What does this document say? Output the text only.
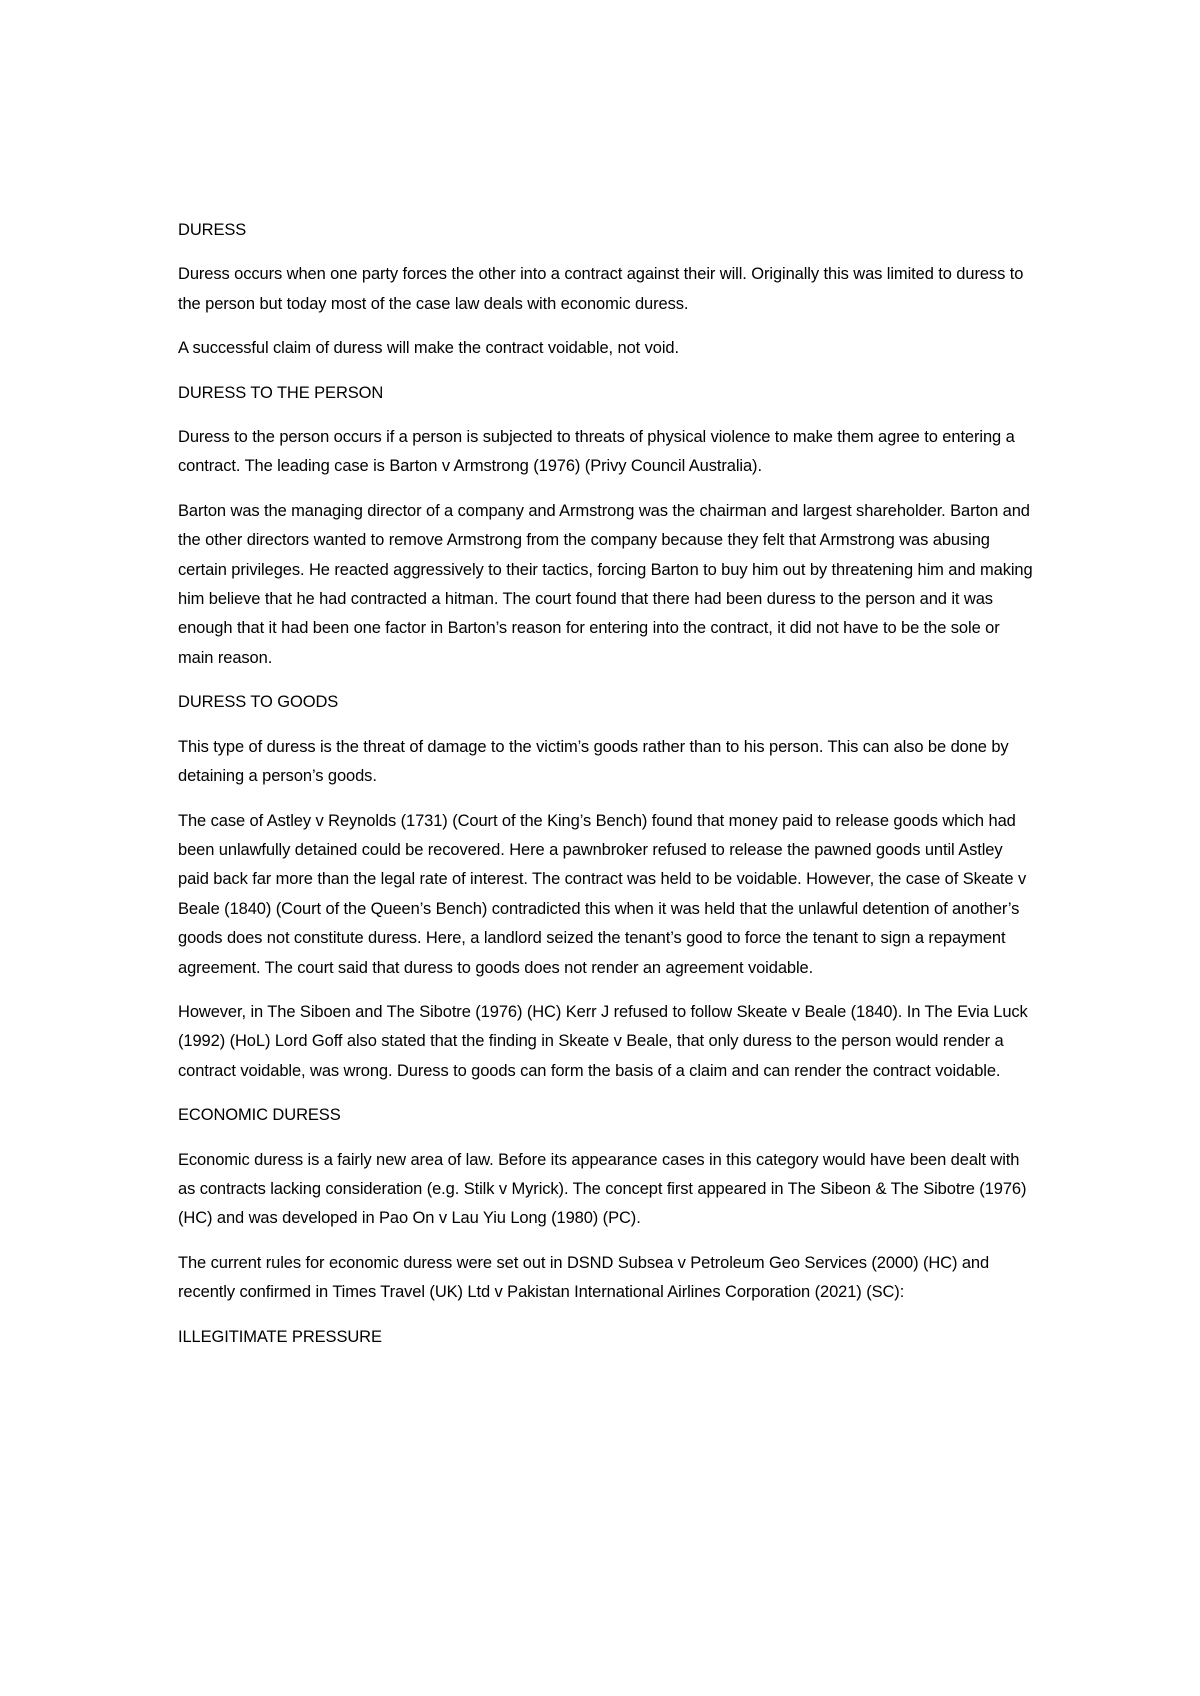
DURESS

Duress occurs when one party forces the other into a contract against their will. Originally this was limited to duress to the person but today most of the case law deals with economic duress.

A successful claim of duress will make the contract voidable, not void.

DURESS TO THE PERSON

Duress to the person occurs if a person is subjected to threats of physical violence to make them agree to entering a contract. The leading case is Barton v Armstrong (1976) (Privy Council Australia).

Barton was the managing director of a company and Armstrong was the chairman and largest shareholder. Barton and the other directors wanted to remove Armstrong from the company because they felt that Armstrong was abusing certain privileges. He reacted aggressively to their tactics, forcing Barton to buy him out by threatening him and making him believe that he had contracted a hitman. The court found that there had been duress to the person and it was enough that it had been one factor in Barton’s reason for entering into the contract, it did not have to be the sole or main reason.

DURESS TO GOODS

This type of duress is the threat of damage to the victim’s goods rather than to his person. This can also be done by detaining a person’s goods.

The case of Astley v Reynolds (1731) (Court of the King’s Bench) found that money paid to release goods which had been unlawfully detained could be recovered. Here a pawnbroker refused to release the pawned goods until Astley paid back far more than the legal rate of interest. The contract was held to be voidable. However, the case of Skeate v Beale (1840) (Court of the Queen’s Bench) contradicted this when it was held that the unlawful detention of another’s goods does not constitute duress. Here, a landlord seized the tenant’s good to force the tenant to sign a repayment agreement. The court said that duress to goods does not render an agreement voidable.

However, in The Siboen and The Sibotre (1976) (HC) Kerr J refused to follow Skeate v Beale (1840). In The Evia Luck (1992) (HoL) Lord Goff also stated that the finding in Skeate v Beale, that only duress to the person would render a contract voidable, was wrong. Duress to goods can form the basis of a claim and can render the contract voidable.

ECONOMIC DURESS

Economic duress is a fairly new area of law. Before its appearance cases in this category would have been dealt with as contracts lacking consideration (e.g. Stilk v Myrick). The concept first appeared in The Sibeon & The Sibotre (1976) (HC) and was developed in Pao On v Lau Yiu Long (1980) (PC).

The current rules for economic duress were set out in DSND Subsea v Petroleum Geo Services (2000) (HC) and recently confirmed in Times Travel (UK) Ltd v Pakistan International Airlines Corporation (2021) (SC):

ILLEGITIMATE PRESSURE
